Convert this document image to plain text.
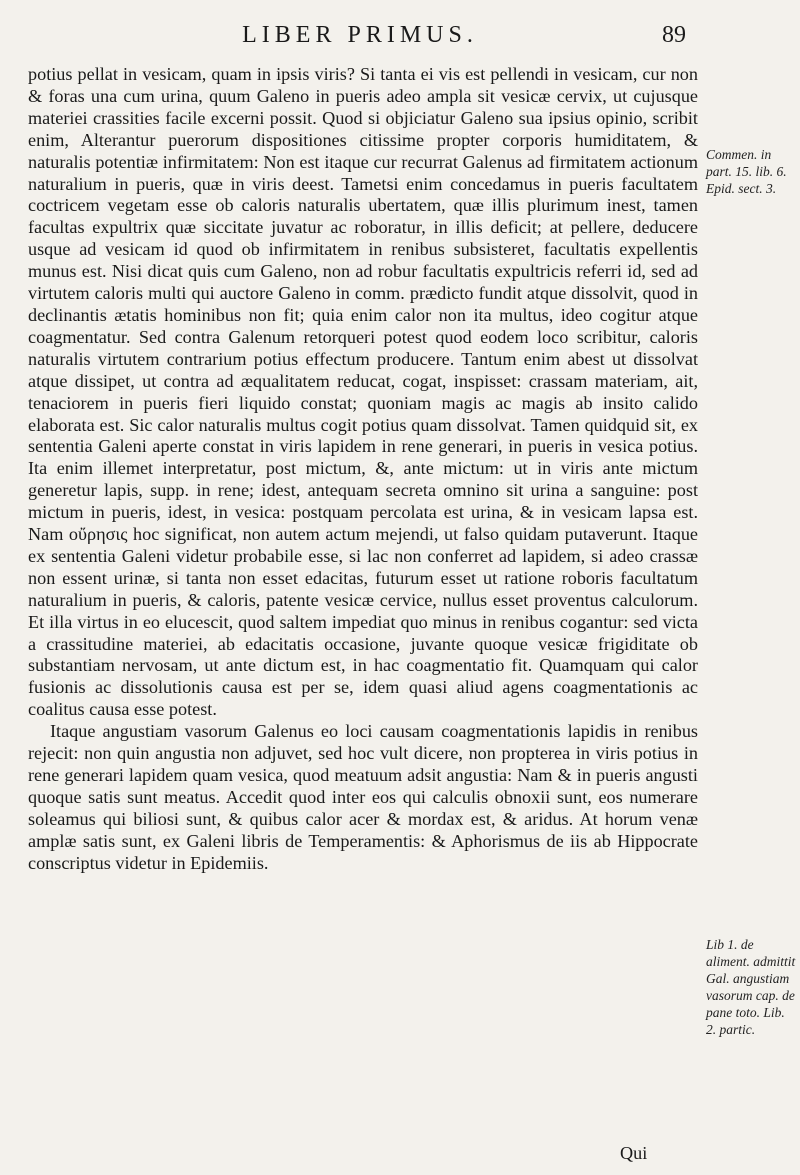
LIBER PRIMUS.	89

potius pellat in vesicam, quam in ipsis viris? Si tanta ei vis est pellendi in vesicam, cur non & foras una cum urina, quum Galeno in pueris adeo ampla sit vesicæ cervix, ut cujusque materiei crassities facile excerni possit. Quod si objiciatur Galeno sua ipsius opinio, scribit enim, Alterantur puerorum dispositiones citissime propter corporis humiditatem, & naturalis potentiæ infirmitatem: Non est itaque cur recurrat Galenus ad firmitatem actionum naturalium in pueris, quæ in viris deest. Tametsi enim concedamus in pueris facultatem coctricem vegetam esse ob caloris naturalis ubertatem, quæ illis plurimum inest, tamen facultas expultrix quæ siccitate juvatur ac roboratur, in illis deficit; at pellere, deducere usque ad vesicam id quod ob infirmitatem in renibus subsisteret, facultatis expellentis munus est. Nisi dicat quis cum Galeno, non ad robur facultatis expultricis referri id, sed ad virtutem caloris multi qui auctore Galeno in comm. prædicto fundit atque dissolvit, quod in declinantis ætatis hominibus non fit; quia enim calor non ita multus, ideo cogitur atque coagmentatur. Sed contra Galenum retorqueri potest quod eodem loco scribitur, caloris naturalis virtutem contrarium potius effectum producere. Tantum enim abest ut dissolvat atque dissipet, ut contra ad æqualitatem reducat, cogat, inspisset: crassam materiam, ait, tenaciorem in pueris fieri liquido constat; quoniam magis ac magis ab insito calido elaborata est. Sic calor naturalis multus cogit potius quam dissolvat. Tamen quidquid sit, ex sententia Galeni aperte constat in viris lapidem in rene generari, in pueris in vesica potius. Ita enim illemet interpretatur, post mictum, &, ante mictum: ut in viris ante mictum generetur lapis, supp. in rene; idest, antequam secreta omnino sit urina a sanguine: post mictum in pueris, idest, in vesica: postquam percolata est urina, & in vesicam lapsa est. Nam οὔρησις hoc significat, non autem actum mejendi, ut falso quidam putaverunt. Itaque ex sententia Galeni videtur probabile esse, si lac non conferret ad lapidem, si adeo crassæ non essent urinæ, si tanta non esset edacitas, futurum esset ut ratione roboris facultatum naturalium in pueris, & caloris, patente vesicæ cervice, nullus esset proventus calculorum. Et illa virtus in eo elucescit, quod saltem impediat quo minus in renibus cogantur: sed victa a crassitudine materiei, ab edacitatis occasione, juvante quoque vesicæ frigiditate ob substantiam nervosam, ut ante dictum est, in hac coagmentatio fit. Quamquam qui calor fusionis ac dissolutionis causa est per se, idem quasi aliud agens coagmentationis ac coalitus causa esse potest.

Itaque angustiam vasorum Galenus eo loci causam coagmentationis lapidis in renibus rejecit: non quin angustia non adjuvet, sed hoc vult dicere, non propterea in viris potius in rene generari lapidem quam vesica, quod meatuum adsit angustia: Nam & in pueris angusti quoque satis sunt meatus. Accedit quod inter eos qui calculis obnoxii sunt, eos numerare soleamus qui biliosi sunt, & quibus calor acer & mordax est, & aridus. At horum venæ amplæ satis sunt, ex Galeni libris de Temperamentis: & Aphorismus de iis ab Hippocrate conscriptus videtur in Epidemiis.

Commen. in part. 15. lib. 6. Epid. sect. 3.
Lib 1. de aliment. admittit Gal. angustiam vasorum cap. de pane toto. Lib. 2. partic.
Qui
